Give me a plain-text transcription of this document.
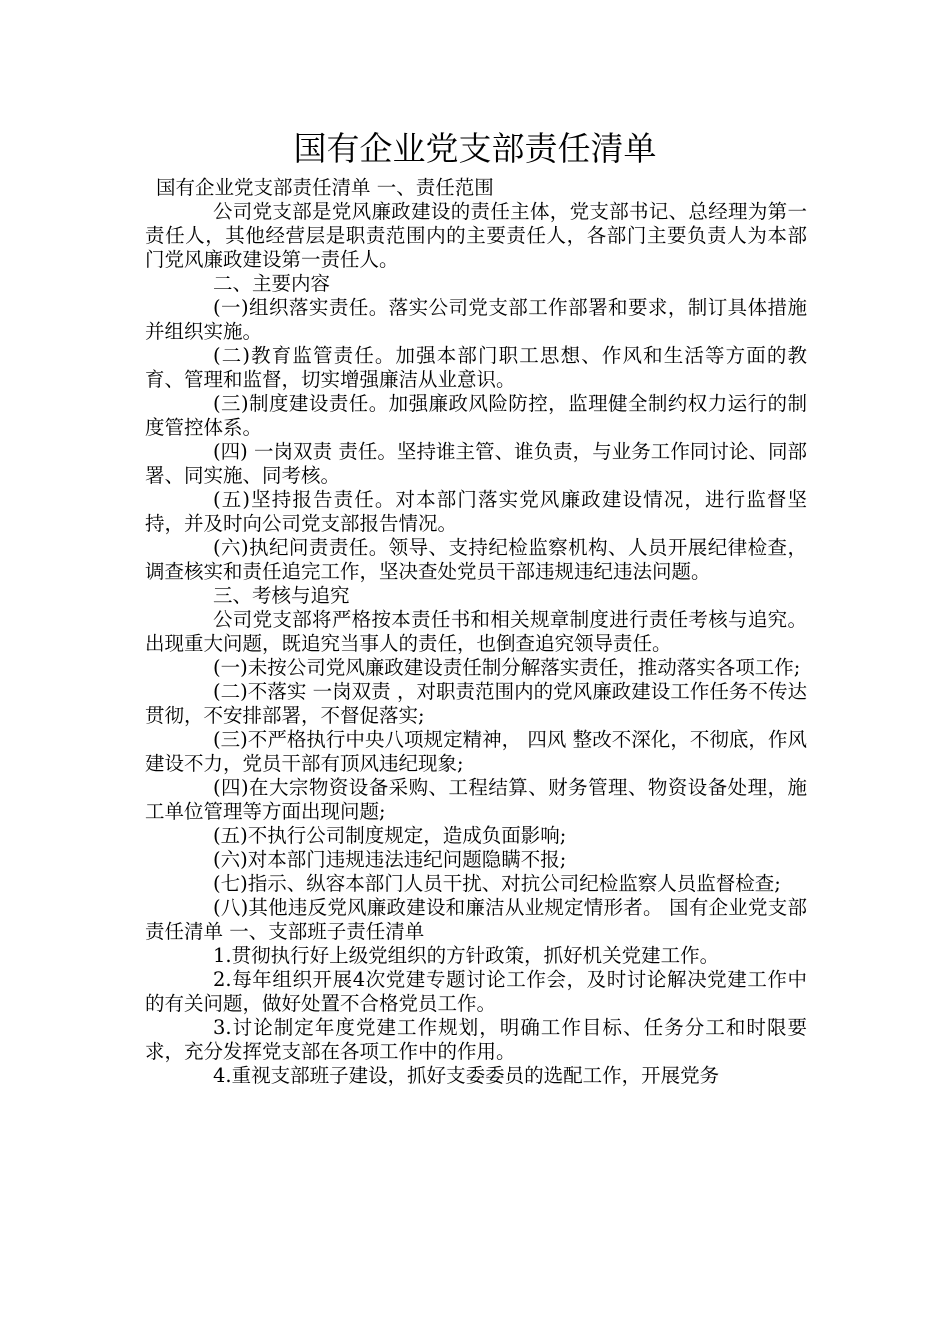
国有企业党支部责任清单

国有企业党支部责任清单 一、责任范围

公司党支部是党风廉政建设的责任主体，党支部书记、总经理为第一责任人，其他经营层是职责范围内的主要责任人，各部门主要负责人为本部门党风廉政建设第一责任人。

二、主要内容

(一)组织落实责任。落实公司党支部工作部署和要求，制订具体措施并组织实施。

(二)教育监管责任。加强本部门职工思想、作风和生活等方面的教育、管理和监督，切实增强廉洁从业意识。

(三)制度建设责任。加强廉政风险防控，监理健全制约权力运行的制度管控体系。

(四) 一岗双责 责任。坚持谁主管、谁负责，与业务工作同讨论、同部署、同实施、同考核。

(五)坚持报告责任。对本部门落实党风廉政建设情况，进行监督坚持，并及时向公司党支部报告情况。

(六)执纪问责责任。领导、支持纪检监察机构、人员开展纪律检查，调查核实和责任追完工作，坚决查处党员干部违规违纪违法问题。

三、考核与追究

公司党支部将严格按本责任书和相关规章制度进行责任考核与追究。出现重大问题，既追究当事人的责任，也倒查追究领导责任。

(一)未按公司党风廉政建设责任制分解落实责任，推动落实各项工作;

(二)不落实 一岗双责 ，对职责范围内的党风廉政建设工作任务不传达贯彻，不安排部署，不督促落实;

(三)不严格执行中央八项规定精神， 四风 整改不深化，不彻底，作风建设不力，党员干部有顶风违纪现象;

(四)在大宗物资设备采购、工程结算、财务管理、物资设备处理，施工单位管理等方面出现问题;

(五)不执行公司制度规定，造成负面影响;

(六)对本部门违规违法违纪问题隐瞒不报;

(七)指示、纵容本部门人员干扰、对抗公司纪检监察人员监督检查;

(八)其他违反党风廉政建设和廉洁从业规定情形者。 国有企业党支部责任清单 一、支部班子责任清单

1.贯彻执行好上级党组织的方针政策，抓好机关党建工作。

2.每年组织开展4次党建专题讨论工作会，及时讨论解决党建工作中的有关问题，做好处置不合格党员工作。

3.讨论制定年度党建工作规划，明确工作目标、任务分工和时限要求，充分发挥党支部在各项工作中的作用。

4.重视支部班子建设，抓好支委委员的选配工作，开展党务
